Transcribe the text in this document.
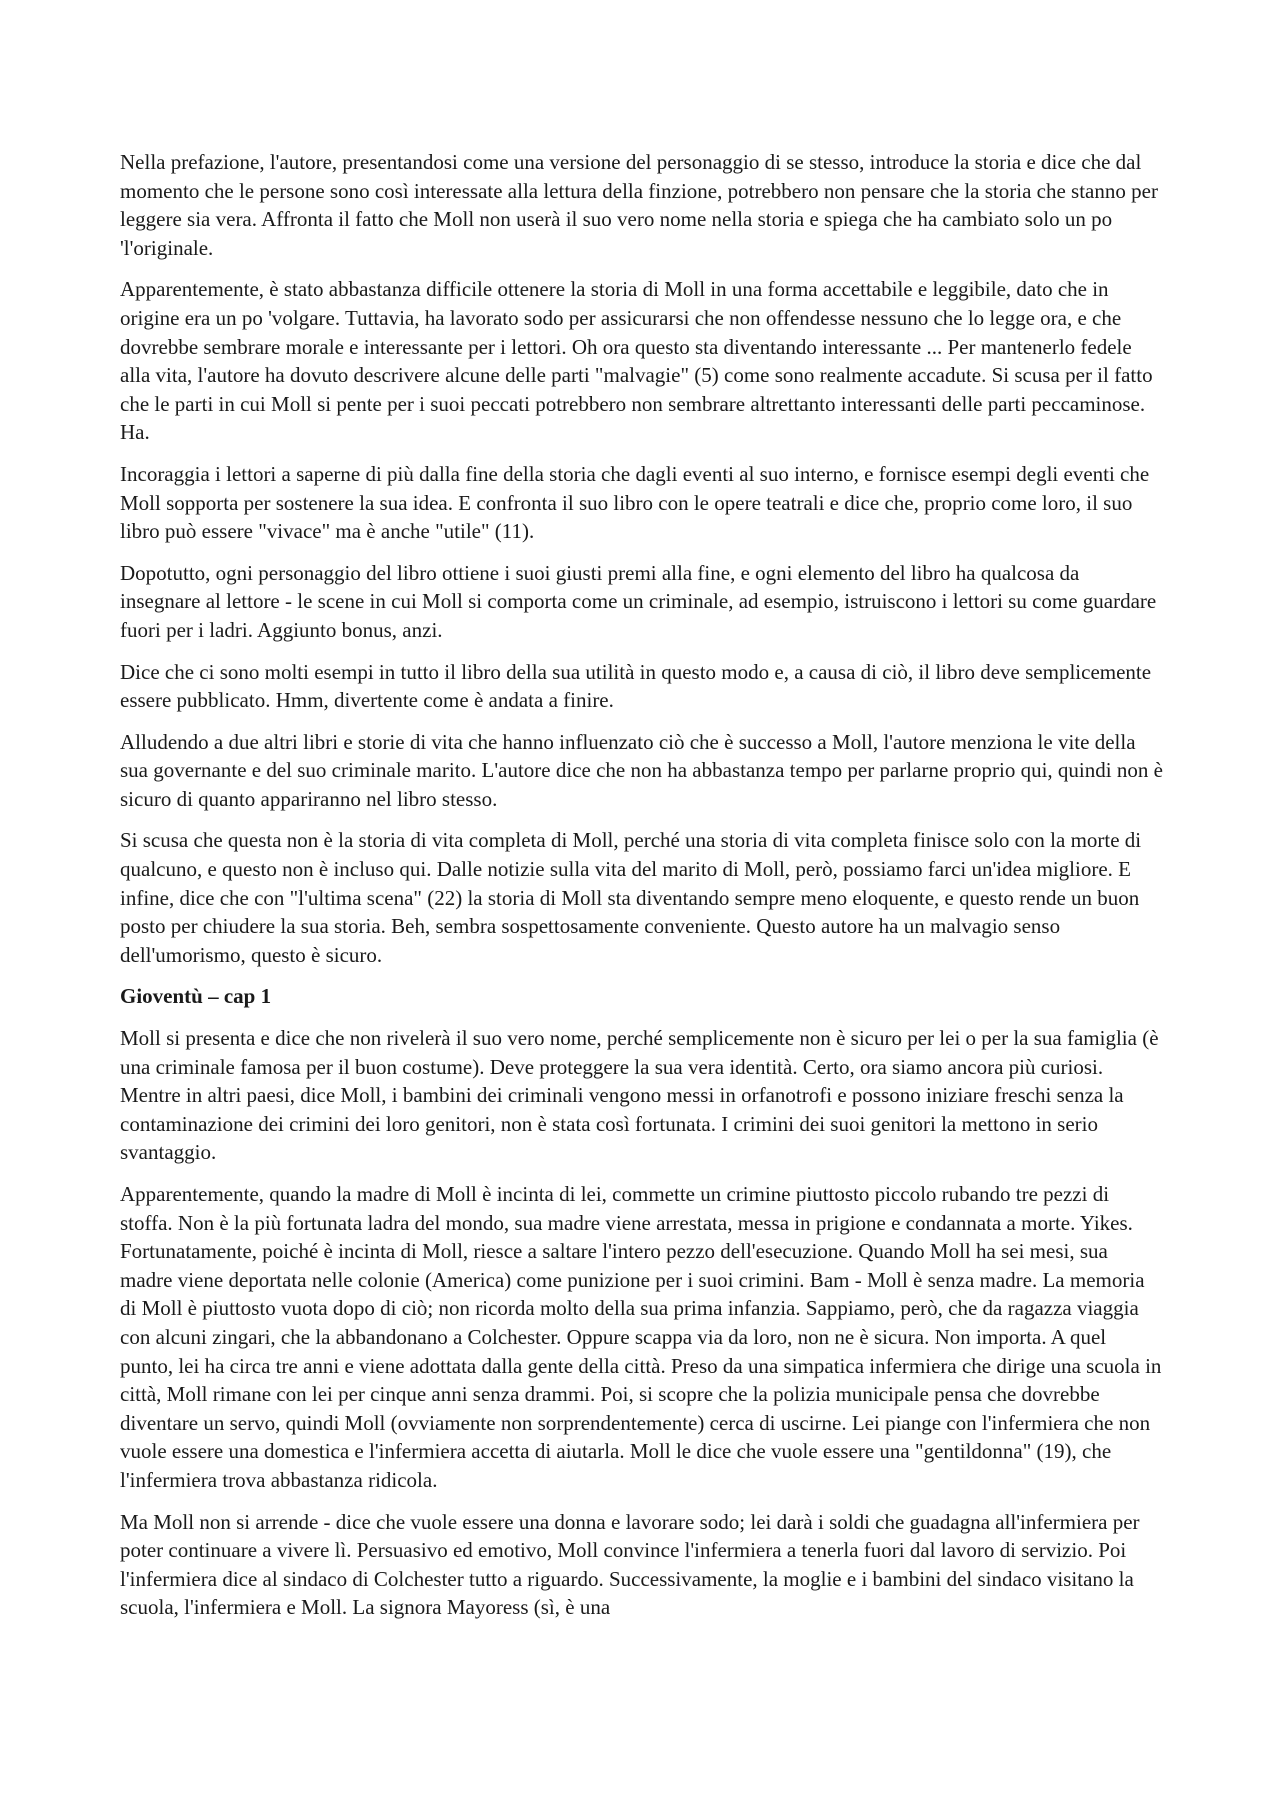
Nella prefazione, l'autore, presentandosi come una versione del personaggio di se stesso, introduce la storia e dice che dal momento che le persone sono così interessate alla lettura della finzione, potrebbero non pensare che la storia che stanno per leggere sia vera. Affronta il fatto che Moll non userà il suo vero nome nella storia e spiega che ha cambiato solo un po 'l'originale.

Apparentemente, è stato abbastanza difficile ottenere la storia di Moll in una forma accettabile e leggibile, dato che in origine era un po 'volgare. Tuttavia, ha lavorato sodo per assicurarsi che non offendesse nessuno che lo legge ora, e che dovrebbe sembrare morale e interessante per i lettori. Oh ora questo sta diventando interessante ... Per mantenerlo fedele alla vita, l'autore ha dovuto descrivere alcune delle parti "malvagie" (5) come sono realmente accadute. Si scusa per il fatto che le parti in cui Moll si pente per i suoi peccati potrebbero non sembrare altrettanto interessanti delle parti peccaminose. Ha.

Incoraggia i lettori a saperne di più dalla fine della storia che dagli eventi al suo interno, e fornisce esempi degli eventi che Moll sopporta per sostenere la sua idea. E confronta il suo libro con le opere teatrali e dice che, proprio come loro, il suo libro può essere "vivace" ma è anche "utile" (11).

Dopotutto, ogni personaggio del libro ottiene i suoi giusti premi alla fine, e ogni elemento del libro ha qualcosa da insegnare al lettore - le scene in cui Moll si comporta come un criminale, ad esempio, istruiscono i lettori su come guardare fuori per i ladri. Aggiunto bonus, anzi.

Dice che ci sono molti esempi in tutto il libro della sua utilità in questo modo e, a causa di ciò, il libro deve semplicemente essere pubblicato. Hmm, divertente come è andata a finire.

Alludendo a due altri libri e storie di vita che hanno influenzato ciò che è successo a Moll, l'autore menziona le vite della sua governante e del suo criminale marito. L'autore dice che non ha abbastanza tempo per parlarne proprio qui, quindi non è sicuro di quanto appariranno nel libro stesso.

Si scusa che questa non è la storia di vita completa di Moll, perché una storia di vita completa finisce solo con la morte di qualcuno, e questo non è incluso qui. Dalle notizie sulla vita del marito di Moll, però, possiamo farci un'idea migliore. E infine, dice che con "l'ultima scena" (22) la storia di Moll sta diventando sempre meno eloquente, e questo rende un buon posto per chiudere la sua storia. Beh, sembra sospettosamente conveniente. Questo autore ha un malvagio senso dell'umorismo, questo è sicuro.

Gioventù – cap 1

Moll si presenta e dice che non rivelerà il suo vero nome, perché semplicemente non è sicuro per lei o per la sua famiglia (è una criminale famosa per il buon costume). Deve proteggere la sua vera identità. Certo, ora siamo ancora più curiosi. Mentre in altri paesi, dice Moll, i bambini dei criminali vengono messi in orfanotrofi e possono iniziare freschi senza la contaminazione dei crimini dei loro genitori, non è stata così fortunata. I crimini dei suoi genitori la mettono in serio svantaggio.

Apparentemente, quando la madre di Moll è incinta di lei, commette un crimine piuttosto piccolo rubando tre pezzi di stoffa. Non è la più fortunata ladra del mondo, sua madre viene arrestata, messa in prigione e condannata a morte. Yikes. Fortunatamente, poiché è incinta di Moll, riesce a saltare l'intero pezzo dell'esecuzione. Quando Moll ha sei mesi, sua madre viene deportata nelle colonie (America) come punizione per i suoi crimini. Bam - Moll è senza madre. La memoria di Moll è piuttosto vuota dopo di ciò; non ricorda molto della sua prima infanzia. Sappiamo, però, che da ragazza viaggia con alcuni zingari, che la abbandonano a Colchester. Oppure scappa via da loro, non ne è sicura. Non importa. A quel punto, lei ha circa tre anni e viene adottata dalla gente della città. Preso da una simpatica infermiera che dirige una scuola in città, Moll rimane con lei per cinque anni senza drammi. Poi, si scopre che la polizia municipale pensa che dovrebbe diventare un servo, quindi Moll (ovviamente non sorprendentemente) cerca di uscirne. Lei piange con l'infermiera che non vuole essere una domestica e l'infermiera accetta di aiutarla. Moll le dice che vuole essere una "gentildonna" (19), che l'infermiera trova abbastanza ridicola.

Ma Moll non si arrende - dice che vuole essere una donna e lavorare sodo; lei darà i soldi che guadagna all'infermiera per poter continuare a vivere lì. Persuasivo ed emotivo, Moll convince l'infermiera a tenerla fuori dal lavoro di servizio. Poi l'infermiera dice al sindaco di Colchester tutto a riguardo. Successivamente, la moglie e i bambini del sindaco visitano la scuola, l'infermiera e Moll. La signora Mayoress (sì, è una
